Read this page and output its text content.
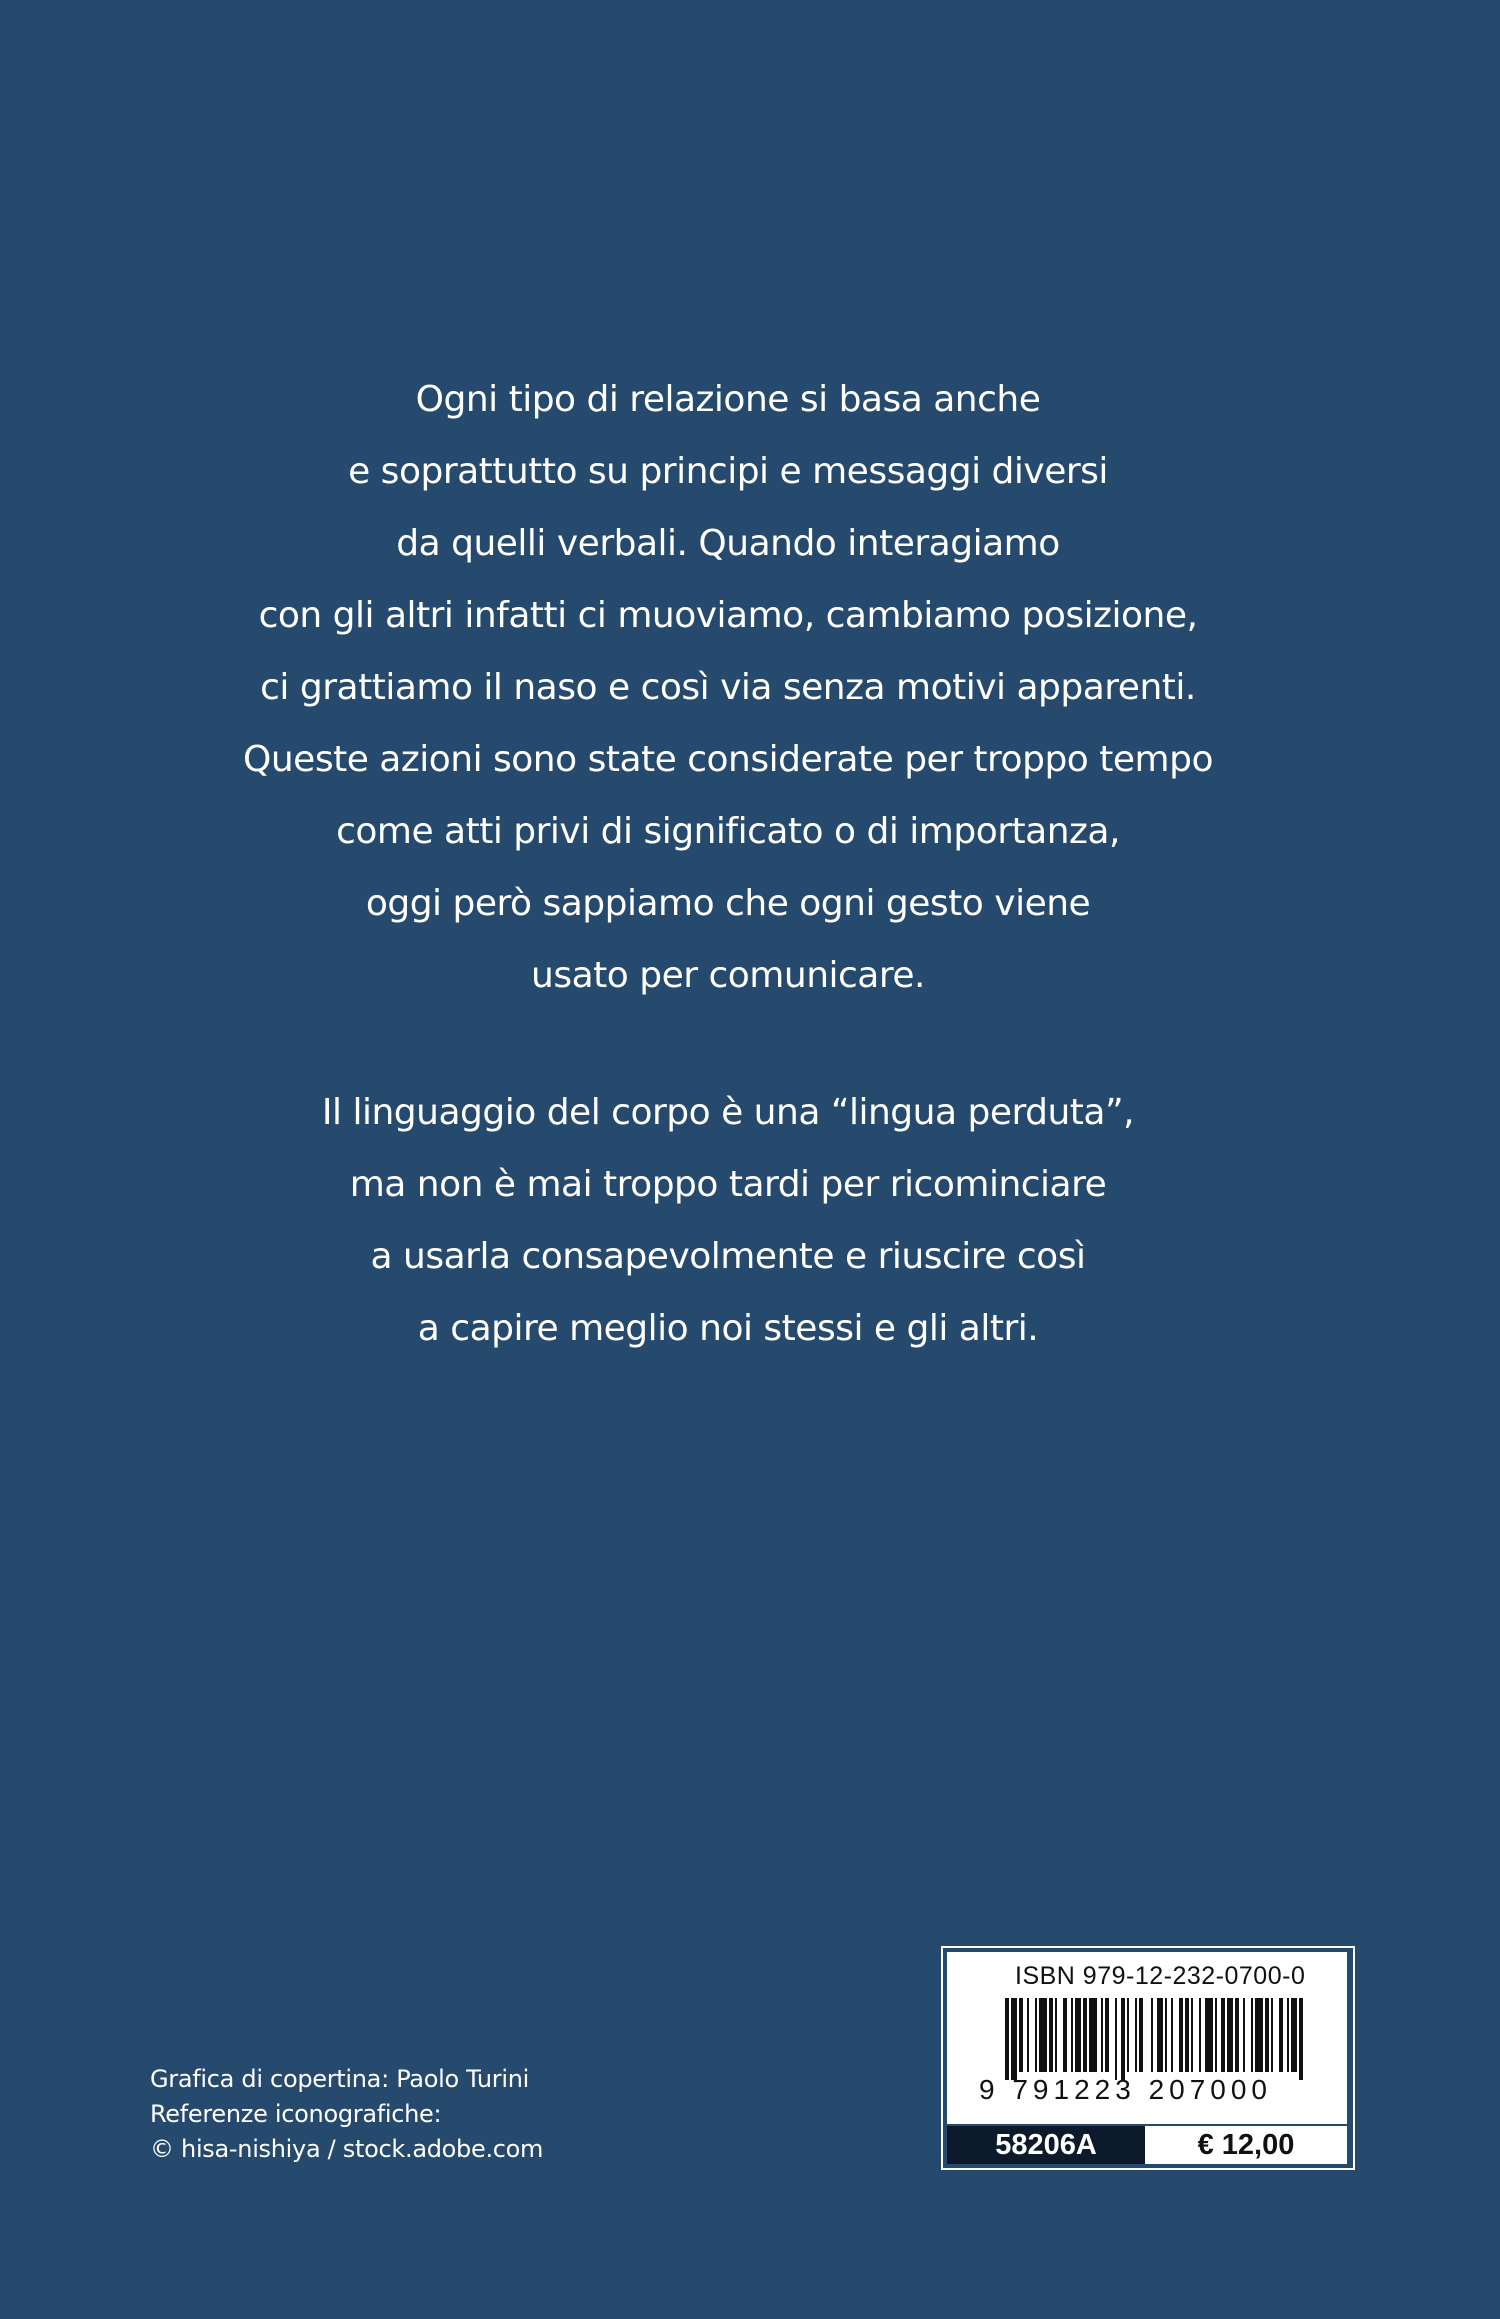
Ogni tipo di relazione si basa anche
e soprattutto su principi e messaggi diversi
da quelli verbali. Quando interagiamo
con gli altri infatti ci muoviamo, cambiamo posizione,
ci grattiamo il naso e così via senza motivi apparenti.
Queste azioni sono state considerate per troppo tempo
come atti privi di significato o di importanza,
oggi però sappiamo che ogni gesto viene
usato per comunicare.
Il linguaggio del corpo è una “lingua perduta”,
ma non è mai troppo tardi per ricominciare
a usarla consapevolmente e riuscire così
a capire meglio noi stessi e gli altri.
Grafica di copertina: Paolo Turini
Referenze iconografiche:
© hisa-nishiya / stock.adobe.com
ISBN 979-12-232-0700-0
9 791223 207000
58206A	€ 12,00
